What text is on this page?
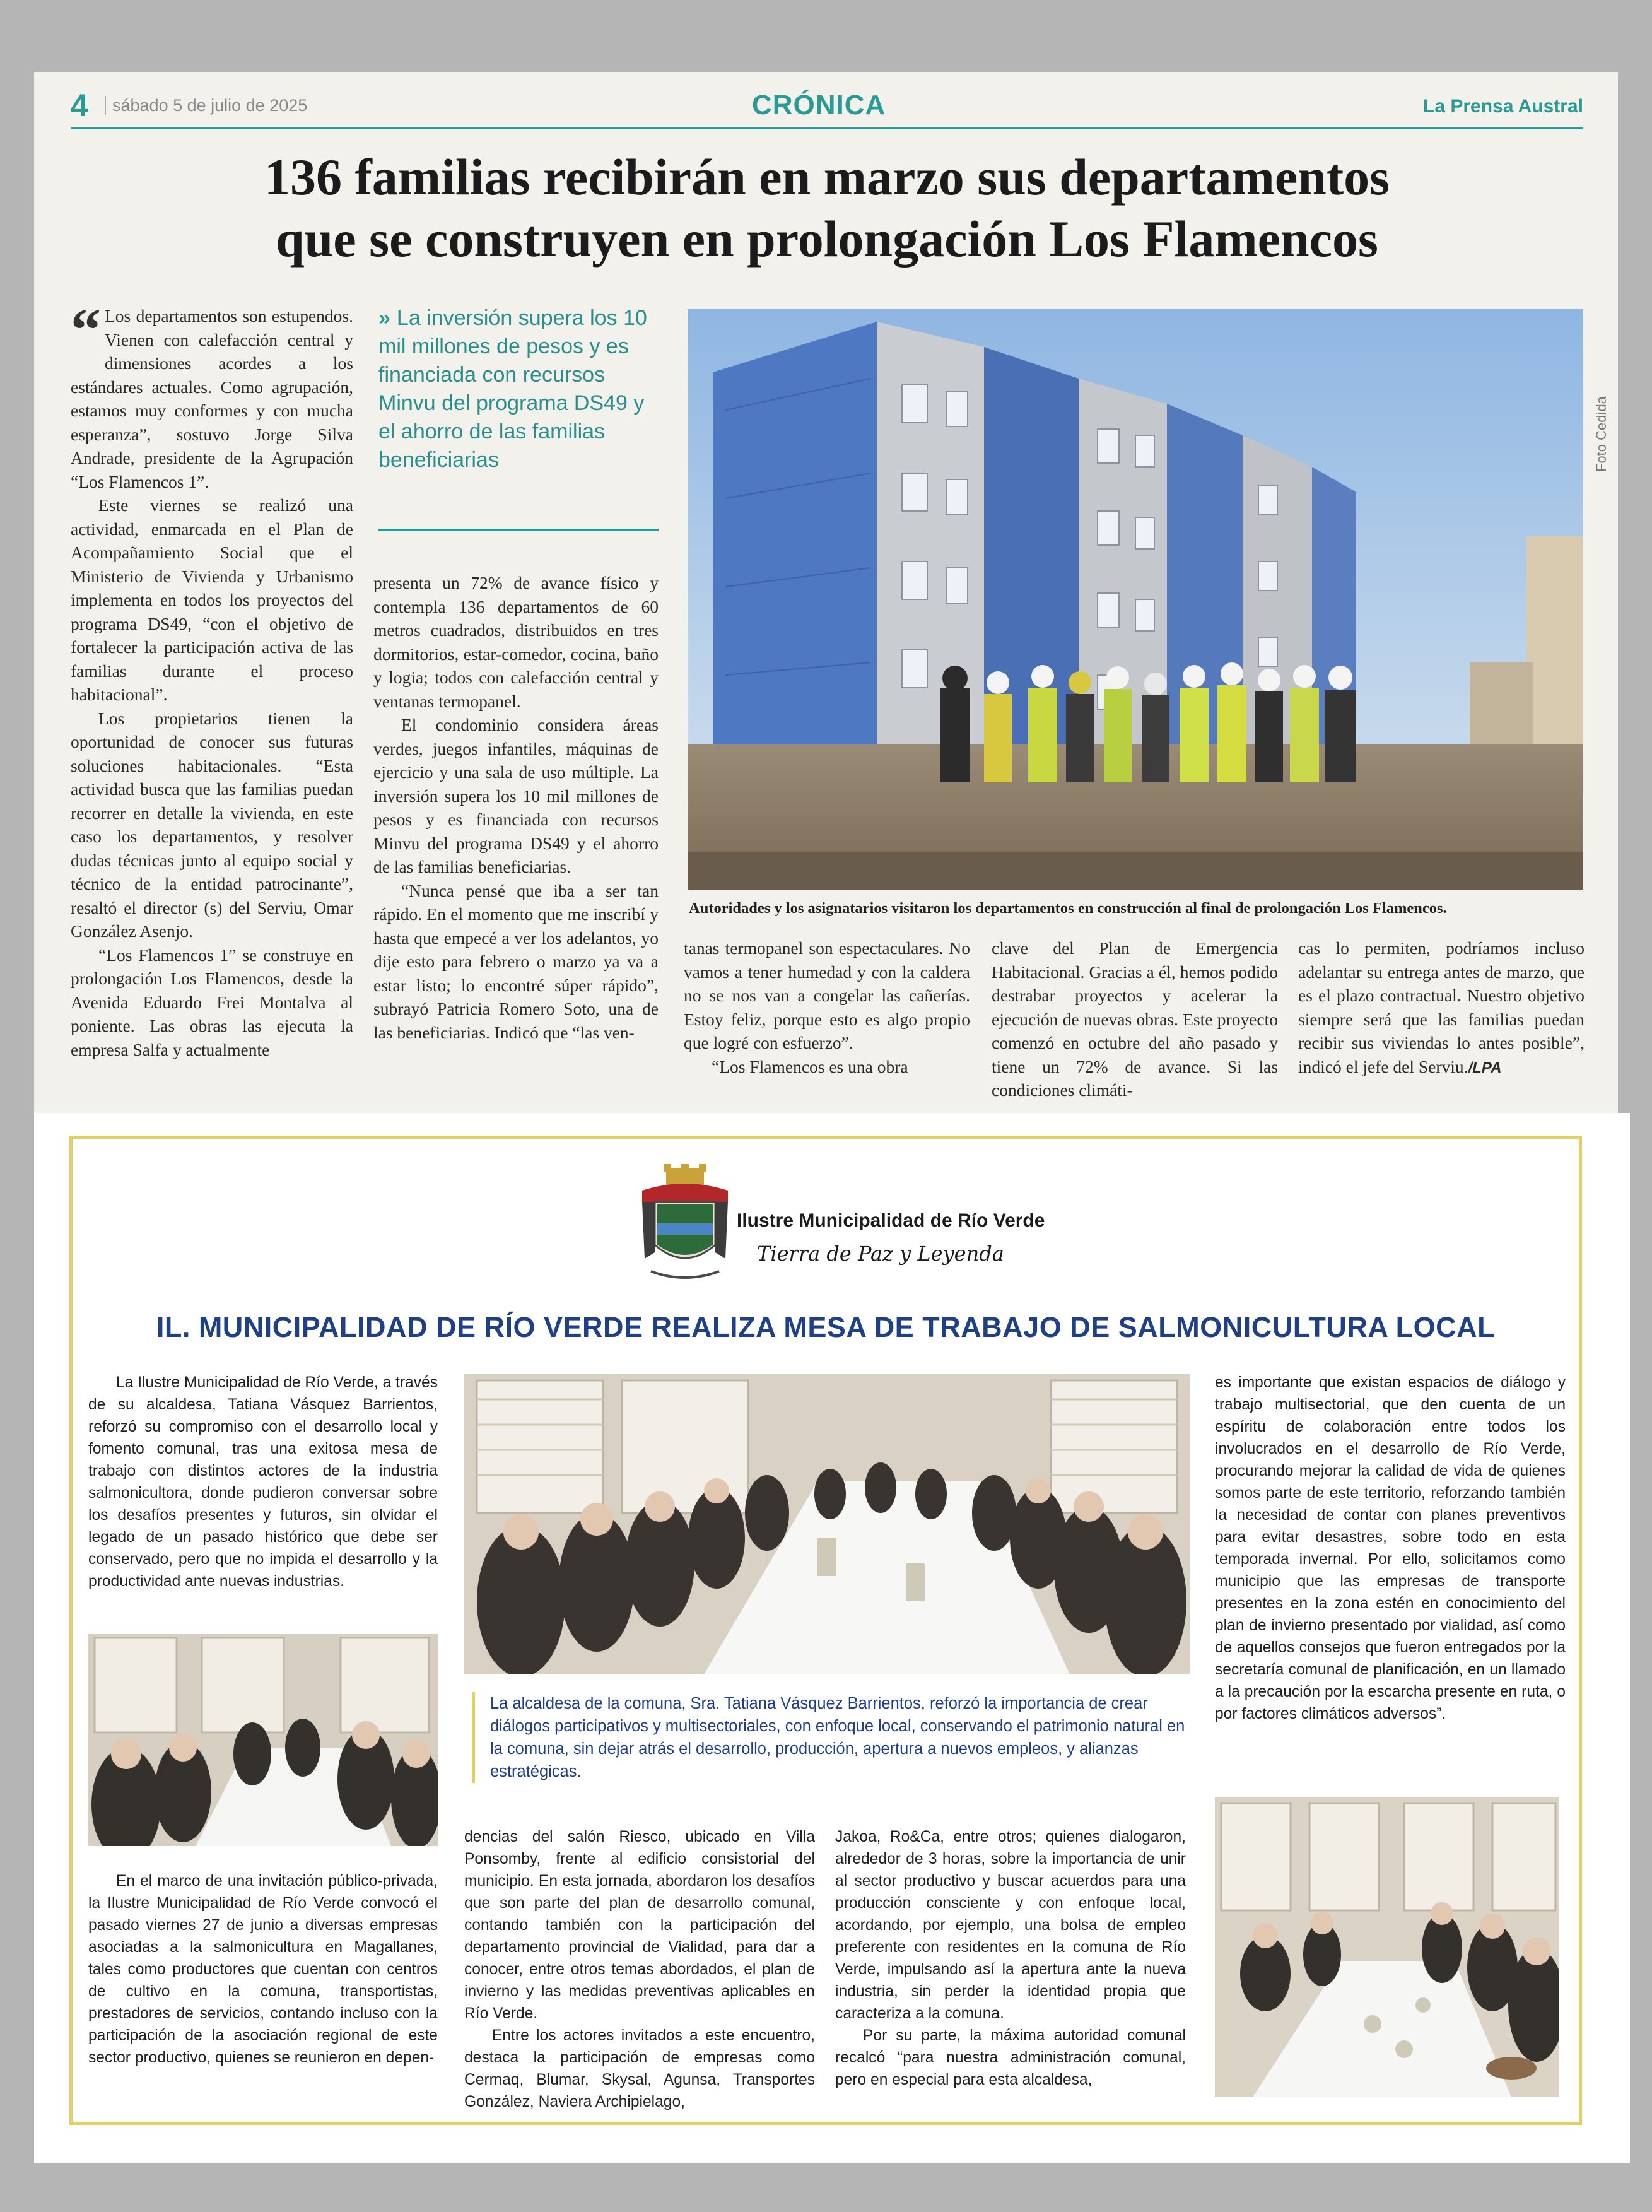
4	sábado 5 de julio de 2025	CRÓNICA	La Prensa Austral
136 familias recibirán en marzo sus departamentos
que se construyen en prolongación Los Flamencos
“ Los departamentos son estupendos. Vienen con calefacción central y dimensiones acordes a los estándares actuales. Como agrupación, estamos muy conformes y con mucha esperanza”, sostuvo Jorge Silva Andrade, presidente de la Agrupación “Los Flamencos 1”.

Este viernes se realizó una actividad, enmarcada en el Plan de Acompañamiento Social que el Ministerio de Vivienda y Urbanismo implementa en todos los proyectos del programa DS49, “con el objetivo de fortalecer la participación activa de las familias durante el proceso habitacional”.

Los propietarios tienen la oportunidad de conocer sus futuras soluciones habitacionales. “Esta actividad busca que las familias puedan recorrer en detalle la vivienda, en este caso los departamentos, y resolver dudas técnicas junto al equipo social y técnico de la entidad patrocinante”, resaltó el director (s) del Serviu, Omar González Asenjo.

“Los Flamencos 1” se construye en prolongación Los Flamencos, desde la Avenida Eduardo Frei Montalva al poniente. Las obras las ejecuta la empresa Salfa y actualmente

» La inversión supera los 10 mil millones de pesos y es financiada con recursos Minvu del programa DS49 y el ahorro de las familias beneficiarias

presenta un 72% de avance físico y contempla 136 departamentos de 60 metros cuadrados, distribuidos en tres dormitorios, estar-comedor, cocina, baño y logia; todos con calefacción central y ventanas termopanel.

El condominio considera áreas verdes, juegos infantiles, máquinas de ejercicio y una sala de uso múltiple. La inversión supera los 10 mil millones de pesos y es financiada con recursos Minvu del programa DS49 y el ahorro de las familias beneficiarias.

“Nunca pensé que iba a ser tan rápido. En el momento que me inscribí y hasta que empecé a ver los adelantos, yo dije esto para febrero o marzo ya va a estar listo; lo encontré súper rápido”, subrayó Patricia Romero Soto, una de las beneficiarias. Indicó que “las ven-

Foto Cedida
Autoridades y los asignatarios visitaron los departamentos en construcción al final de prolongación Los Flamencos.

tanas termopanel son espectaculares. No vamos a tener humedad y con la caldera no se nos van a congelar las cañerías. Estoy feliz, porque esto es algo propio que logré con esfuerzo”.

“Los Flamencos es una obra

clave del Plan de Emergencia Habitacional. Gracias a él, hemos podido destrabar proyectos y acelerar la ejecución de nuevas obras. Este proyecto comenzó en octubre del año pasado y tiene un 72% de avance. Si las condiciones climáti-

cas lo permiten, podríamos incluso adelantar su entrega antes de marzo, que es el plazo contractual. Nuestro objetivo siempre será que las familias puedan recibir sus viviendas lo antes posible”, indicó el jefe del Serviu./LPA

Ilustre Municipalidad de Río Verde
Tierra de Paz y Leyenda
IL. MUNICIPALIDAD DE RÍO VERDE REALIZA MESA DE TRABAJO DE SALMONICULTURA LOCAL

La Ilustre Municipalidad de Río Verde, a través de su alcaldesa, Tatiana Vásquez Barrientos, reforzó su compromiso con el desarrollo local y fomento comunal, tras una exitosa mesa de trabajo con distintos actores de la industria salmonicultora, donde pudieron conversar sobre los desafíos presentes y futuros, sin olvidar el legado de un pasado histórico que debe ser conservado, pero que no impida el desarrollo y la productividad ante nuevas industrias.

La alcaldesa de la comuna, Sra. Tatiana Vásquez Barrientos, reforzó la importancia de crear diálogos participativos y multisectoriales, con enfoque local, conservando el patrimonio natural en la comuna, sin dejar atrás el desarrollo, producción, apertura a nuevos empleos, y alianzas estratégicas.

En el marco de una invitación público-privada, la Ilustre Municipalidad de Río Verde convocó el pasado viernes 27 de junio a diversas empresas asociadas a la salmonicultura en Magallanes, tales como productores que cuentan con centros de cultivo en la comuna, transportistas, prestadores de servicios, contando incluso con la participación de la asociación regional de este sector productivo, quienes se reunieron en depen-

dencias del salón Riesco, ubicado en Villa Ponsomby, frente al edificio consistorial del municipio. En esta jornada, abordaron los desafíos que son parte del plan de desarrollo comunal, contando también con la participación del departamento provincial de Vialidad, para dar a conocer, entre otros temas abordados, el plan de invierno y las medidas preventivas aplicables en Río Verde.

Entre los actores invitados a este encuentro, destaca la participación de empresas como Cermaq, Blumar, Skysal, Agunsa, Transportes González, Naviera Archipielago,

Jakoa, Ro&Ca, entre otros; quienes dialogaron, alrededor de 3 horas, sobre la importancia de unir al sector productivo y buscar acuerdos para una producción consciente y con enfoque local, acordando, por ejemplo, una bolsa de empleo preferente con residentes en la comuna de Río Verde, impulsando así la apertura ante la nueva industria, sin perder la identidad propia que caracteriza a la comuna.

Por su parte, la máxima autoridad comunal recalcó “para nuestra administración comunal, pero en especial para esta alcaldesa,

es importante que existan espacios de diálogo y trabajo multisectorial, que den cuenta de un espíritu de colaboración entre todos los involucrados en el desarrollo de Río Verde, procurando mejorar la calidad de vida de quienes somos parte de este territorio, reforzando también la necesidad de contar con planes preventivos para evitar desastres, sobre todo en esta temporada invernal. Por ello, solicitamos como municipio que las empresas de transporte presentes en la zona estén en conocimiento del plan de invierno presentado por vialidad, así como de aquellos consejos que fueron entregados por la secretaría comunal de planificación, en un llamado a la precaución por la escarcha presente en ruta, o por factores climáticos adversos”.
